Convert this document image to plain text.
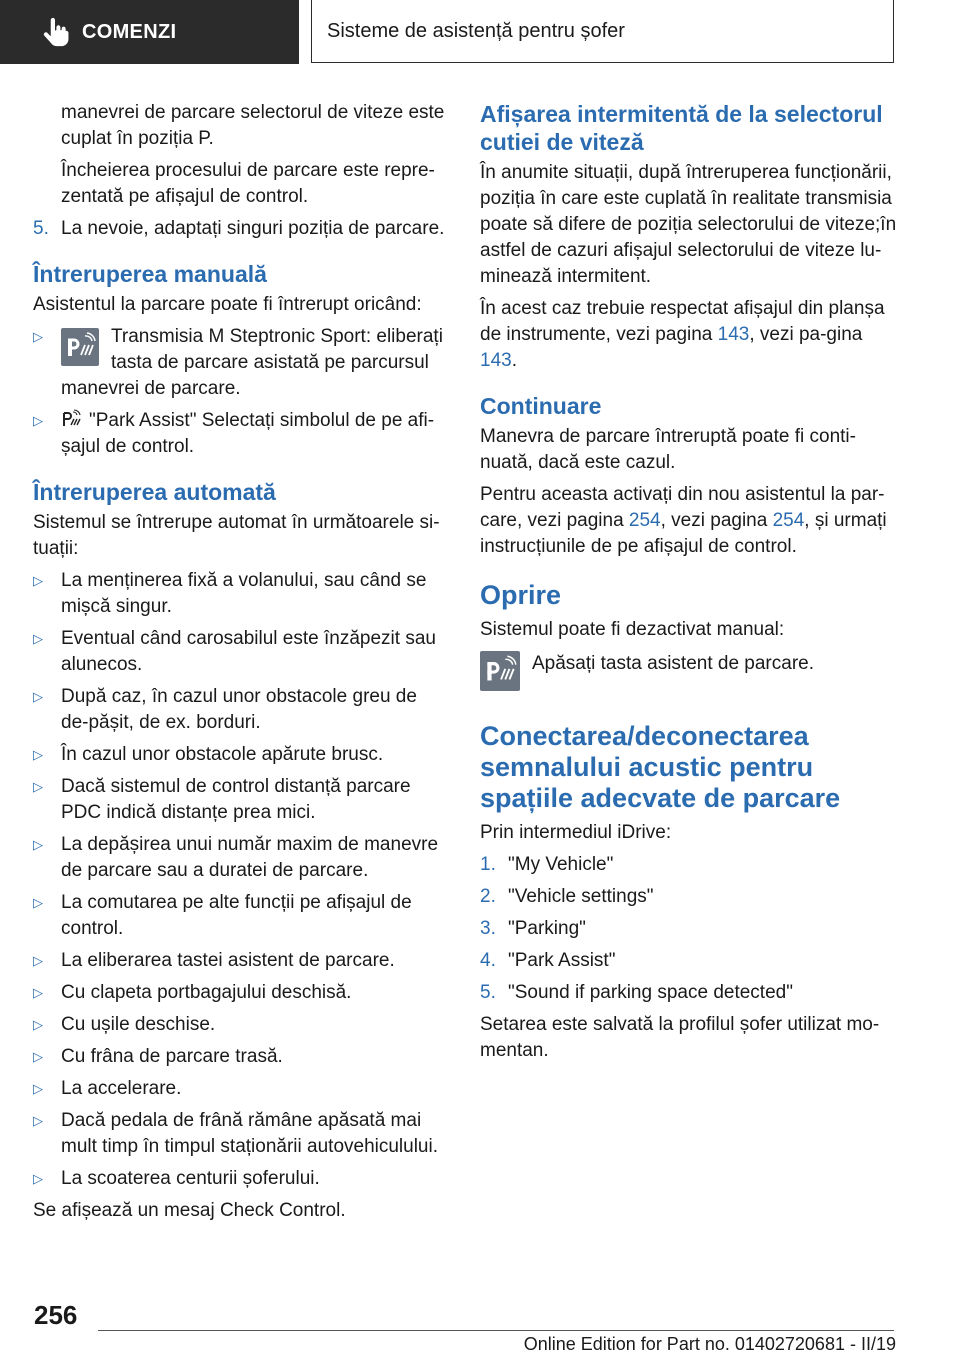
COMENZI	Sisteme de asistență pentru șofer

manevrei de parcare selectorul de viteze este cuplat în poziția P.

Încheierea procesului de parcare este repre-zentată pe afișajul de control.

5. La nevoie, adaptați singuri poziția de parcare.
Întreruperea manuală

Asistentul la parcare poate fi întrerupt oricând:

▷	Transmisia M Steptronic Sport: eliberați tasta de parcare asistată pe parcursul manevrei de parcare.
▷	"Park Assist" Selectați simbolul de pe afi-șajul de control.
Întreruperea automată

Sistemul se întrerupe automat în următoarele si-tuații:

▷ La menținerea fixă a volanului, sau când se mișcă singur.
▷ Eventual când carosabilul este înzăpezit sau alunecos.
▷ După caz, în cazul unor obstacole greu de de-pășit, de ex. borduri.
▷ În cazul unor obstacole apărute brusc.
▷ Dacă sistemul de control distanță parcare PDC indică distanțe prea mici.
▷ La depășirea unui număr maxim de manevre de parcare sau a duratei de parcare.
▷ La comutarea pe alte funcții pe afișajul de control.
▷ La eliberarea tastei asistent de parcare.
▷ Cu clapeta portbagajului deschisă.
▷ Cu ușile deschise.
▷ Cu frâna de parcare trasă.
▷ La accelerare.
▷ Dacă pedala de frână rămâne apăsată mai mult timp în timpul staționării autovehiculului.
▷ La scoaterea centurii șoferului.

Se afișează un mesaj Check Control.

Afișarea intermitentă de la selectorul cutiei de viteză

În anumite situații, după întreruperea funcționării, poziția în care este cuplată în realitate transmisia poate să difere de poziția selectorului de viteze;în astfel de cazuri afișajul selectorului de viteze lu-minează intermitent.

În acest caz trebuie respectat afișajul din planșa de instrumente, vezi pagina 143, vezi pa-gina 143.

Continuare

Manevra de parcare întreruptă poate fi conti-nuată, dacă este cazul.

Pentru aceasta activați din nou asistentul la par-care, vezi pagina 254, vezi pagina 254, și urmați instrucțiunile de pe afișajul de control.

Oprire

Sistemul poate fi dezactivat manual:

Apăsați tasta asistent de parcare.
Conectarea/deconectarea semnalului acustic pentru spațiile adecvate de parcare

Prin intermediul iDrive:

1. "My Vehicle"
2. "Vehicle settings"
3. "Parking"
4. "Park Assist"
5. "Sound if parking space detected"

Setarea este salvată la profilul șofer utilizat mo-mentan.

256
Online Edition for Part no. 01402720681 - II/19
